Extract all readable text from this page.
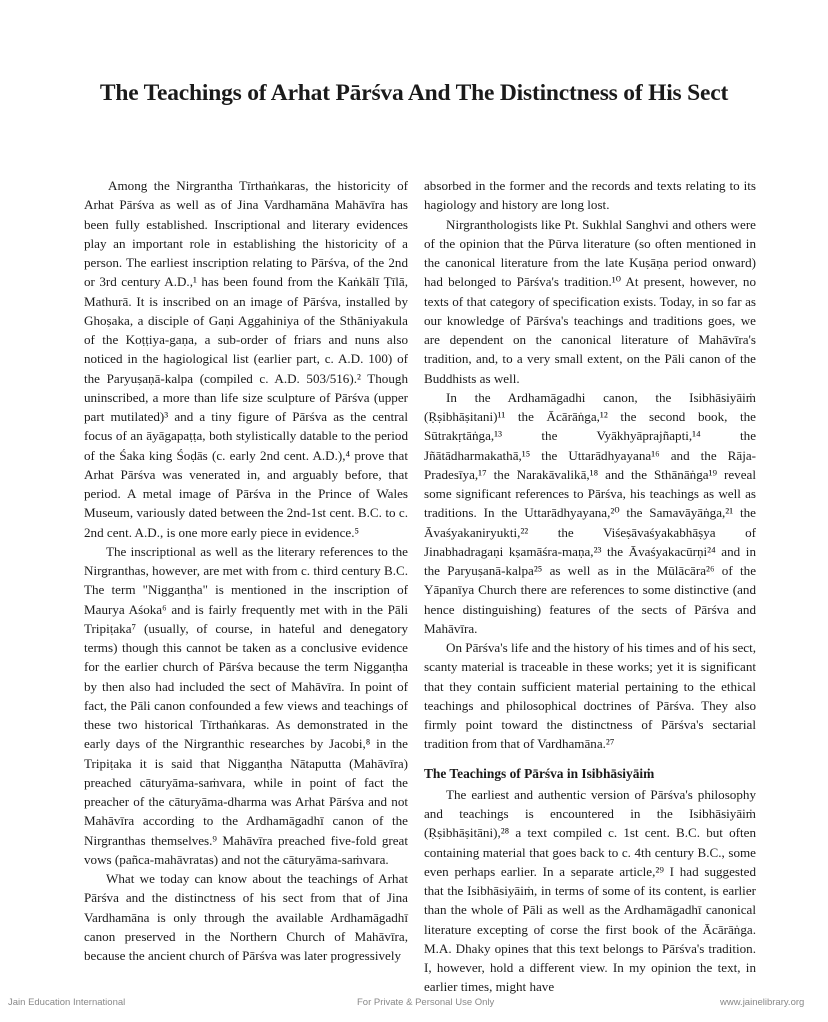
The Teachings of Arhat Pārśva And The Distinctness of His Sect

Among the Nirgrantha Tīrthaṅkaras, the historicity of Arhat Pārśva as well as of Jina Vardhamāna Mahāvīra has been fully established. Inscriptional and literary evidences play an important role in establishing the historicity of a person. The earliest inscription relating to Pārśva, of the 2nd or 3rd century A.D.,¹ has been found from the Kaṅkālī Ṭīlā, Mathurā. It is inscribed on an image of Pārśva, installed by Ghoṣaka, a disciple of Gaṇi Aggahiniya of the Sthāniyakula of the Koṭṭiya-gaṇa, a sub-order of friars and nuns also noticed in the hagiological list (earlier part, c. A.D. 100) of the Paryuṣaṇā-kalpa (compiled c. A.D. 503/516).² Though uninscribed, a more than life size sculpture of Pārśva (upper part mutilated)³ and a tiny figure of Pārśva as the central focus of an āyāgapaṭṭa, both stylistically datable to the period of the Śaka king Śoḍās (c. early 2nd cent. A.D.),⁴ prove that Arhat Pārśva was venerated in, and arguably before, that period. A metal image of Pārśva in the Prince of Wales Museum, variously dated between the 2nd-1st cent. B.C. to c. 2nd cent. A.D., is one more early piece in evidence.⁵

The inscriptional as well as the literary references to the Nirgranthas, however, are met with from c. third century B.C. The term "Nigganṭha" is mentioned in the inscription of Maurya Aśoka⁶ and is fairly frequently met with in the Pāli Tripiṭaka⁷ (usually, of course, in hateful and denegatory terms) though this cannot be taken as a conclusive evidence for the earlier church of Pārśva because the term Nigganṭha by then also had included the sect of Mahāvīra. In point of fact, the Pāli canon confounded a few views and teachings of these two historical Tīrthaṅkaras. As demonstrated in the early days of the Nirgranthic researches by Jacobi,⁸ in the Tripiṭaka it is said that Nigganṭha Nātaputta (Mahāvīra) preached cāturyāma-saṁvara, while in point of fact the preacher of the cāturyāma-dharma was Arhat Pārśva and not Mahāvīra according to the Ardhamāgadhī canon of the Nirgranthas themselves.⁹ Mahāvīra preached five-fold great vows (pañca-mahāvratas) and not the cāturyāma-saṁvara.

What we today can know about the teachings of Arhat Pārśva and the distinctness of his sect from that of Jina Vardhamāna is only through the available Ardhamāgadhī canon preserved in the Northern Church of Mahāvīra, because the ancient church of Pārśva was later progressively

absorbed in the former and the records and texts relating to its hagiology and history are long lost.

Nirgranthologists like Pt. Sukhlal Sanghvi and others were of the opinion that the Pūrva literature (so often mentioned in the canonical literature from the late Kuṣāṇa period onward) had belonged to Pārśva's tradition.¹⁰ At present, however, no texts of that category of specification exists. Today, in so far as our knowledge of Pārśva's teachings and traditions goes, we are dependent on the canonical literature of Mahāvīra's tradition, and, to a very small extent, on the Pāli canon of the Buddhists as well.

In the Ardhamāgadhi canon, the Isibhāsiyāiṁ (Ṛṣibhāṣitani)¹¹ the Ācārāṅga,¹² the second book, the Sūtrakṛtāṅga,¹³ the Vyākhyāprajñapti,¹⁴ the Jñātādharmakathā,¹⁵ the Uttarādhyayana¹⁶ and the Rāja-Pradesīya,¹⁷ the Narakāvalikā,¹⁸ and the Sthānāṅga¹⁹ reveal some significant references to Pārśva, his teachings as well as traditions. In the Uttarādhyayana,²⁰ the Samavāyāṅga,²¹ the Āvaśyakaniryukti,²² the Viśeṣāvaśyakabhāṣya of Jinabhadragaṇi kṣamāśra-maṇa,²³ the Āvaśyakacūrṇi²⁴ and in the Paryuṣanā-kalpa²⁵ as well as in the Mūlācāra²⁶ of the Yāpanīya Church there are references to some distinctive (and hence distinguishing) features of the sects of Pārśva and Mahāvīra.

On Pārśva's life and the history of his times and of his sect, scanty material is traceable in these works; yet it is significant that they contain sufficient material pertaining to the ethical teachings and philosophical doctrines of Pārśva. They also firmly point toward the distinctness of Pārśva's sectarial tradition from that of Vardhamāna.²⁷

The Teachings of Pārśva in Isibhāsiyāiṁ

The earliest and authentic version of Pārśva's philosophy and teachings is encountered in the Isibhāsiyāiṁ (Ṛṣibhāṣitāni),²⁸ a text compiled c. 1st cent. B.C. but often containing material that goes back to c. 4th century B.C., some even perhaps earlier. In a separate article,²⁹ I had suggested that the Isibhāsiyāiṁ, in terms of some of its content, is earlier than the whole of Pāli as well as the Ardhamāgadhī canonical literature excepting of corse the first book of the Ācārāṅga. M.A. Dhaky opines that this text belongs to Pārśva's tradition. I, however, hold a different view. In my opinion the text, in earlier times, might have

Jain Education International	For Private & Personal Use Only	www.jainelibrary.org
